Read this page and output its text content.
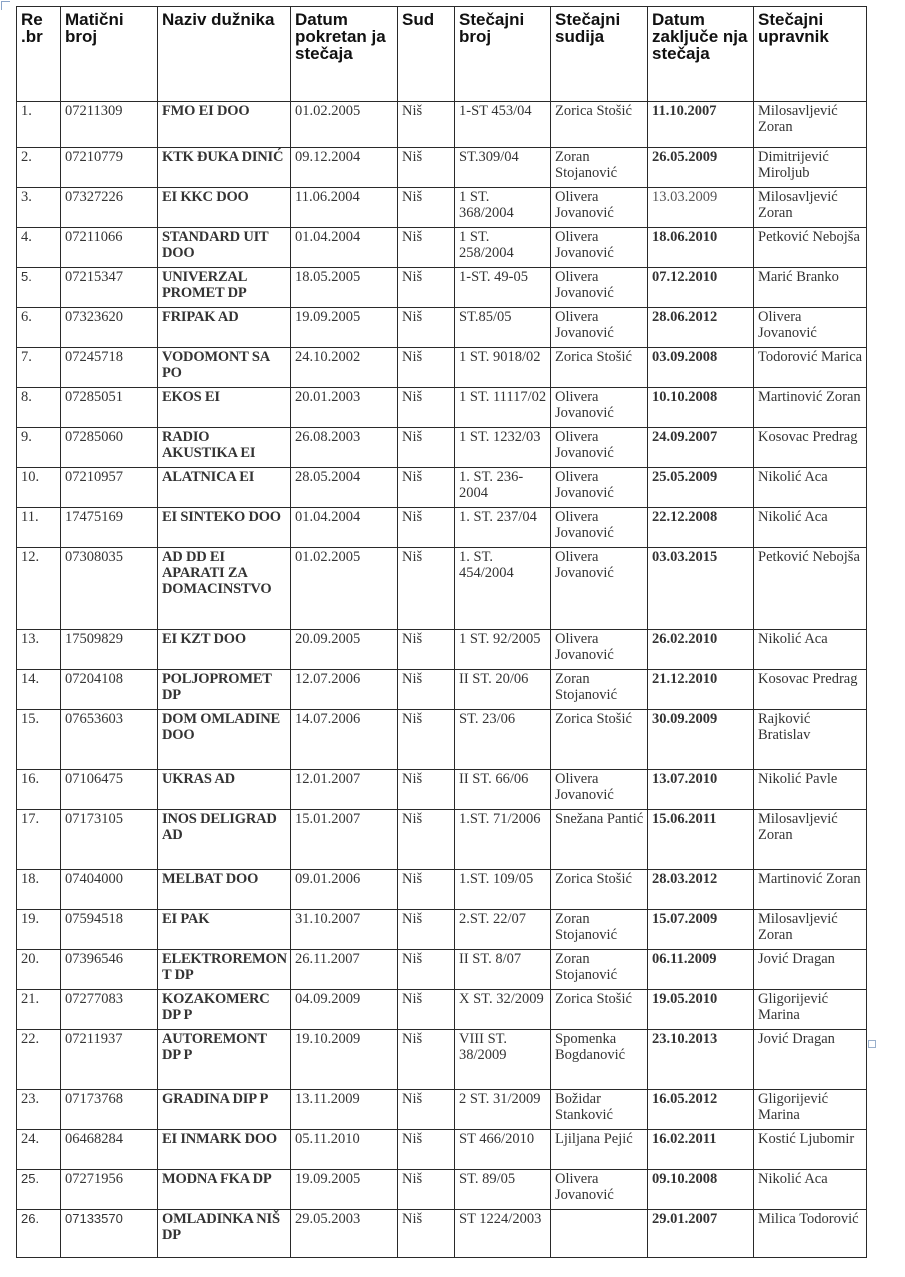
Re .br	Matični broj	Naziv dužnika	Datum pokretan ja stečaja	Sud	Stečajni broj	Stečajni sudija	Datum zaključe nja stečaja	Stečajni upravnik
1.	07211309	FMO EI DOO	01.02.2005	Niš	1-ST 453/04	Zorica Stošić	11.10.2007	Milosavljević Zoran
2.	07210779	KTK ĐUKA DINIĆ	09.12.2004	Niš	ST.309/04	Zoran Stojanović	26.05.2009	Dimitrijević Miroljub
3.	07327226	EI KKC DOO	11.06.2004	Niš	1 ST. 368/2004	Olivera Jovanović	13.03.2009	Milosavljević Zoran
4.	07211066	STANDARD UIT DOO	01.04.2004	Niš	1 ST. 258/2004	Olivera Jovanović	18.06.2010	Petković Nebojša
5.	07215347	UNIVERZAL PROMET DP	18.05.2005	Niš	1-ST. 49-05	Olivera Jovanović	07.12.2010	Marić Branko
6.	07323620	FRIPAK AD	19.09.2005	Niš	ST.85/05	Olivera Jovanović	28.06.2012	Olivera Jovanović
7.	07245718	VODOMONT SA PO	24.10.2002	Niš	1 ST. 9018/02	Zorica Stošić	03.09.2008	Todorović Marica
8.	07285051	EKOS EI	20.01.2003	Niš	1 ST. 11117/02	Olivera Jovanović	10.10.2008	Martinović Zoran
9.	07285060	RADIO AKUSTIKA EI	26.08.2003	Niš	1 ST. 1232/03	Olivera Jovanović	24.09.2007	Kosovac Predrag
10.	07210957	ALATNICA EI	28.05.2004	Niš	1. ST. 236-2004	Olivera Jovanović	25.05.2009	Nikolić Aca
11.	17475169	EI SINTEKO DOO	01.04.2004	Niš	1. ST. 237/04	Olivera Jovanović	22.12.2008	Nikolić Aca
12.	07308035	AD DD EI APARATI ZA DOMACINSTVO	01.02.2005	Niš	1. ST. 454/2004	Olivera Jovanović	03.03.2015	Petković Nebojša
13.	17509829	EI KZT DOO	20.09.2005	Niš	1 ST. 92/2005	Olivera Jovanović	26.02.2010	Nikolić Aca
14.	07204108	POLJOPROMET DP	12.07.2006	Niš	II ST. 20/06	Zoran Stojanović	21.12.2010	Kosovac Predrag
15.	07653603	DOM OMLADINE DOO	14.07.2006	Niš	ST. 23/06	Zorica Stošić	30.09.2009	Rajković Bratislav
16.	07106475	UKRAS AD	12.01.2007	Niš	II ST. 66/06	Olivera Jovanović	13.07.2010	Nikolić Pavle
17.	07173105	INOS DELIGRAD AD	15.01.2007	Niš	1.ST. 71/2006	Snežana Pantić	15.06.2011	Milosavljević Zoran
18.	07404000	MELBAT DOO	09.01.2006	Niš	1.ST. 109/05	Zorica Stošić	28.03.2012	Martinović Zoran
19.	07594518	EI PAK	31.10.2007	Niš	2.ST. 22/07	Zoran Stojanović	15.07.2009	Milosavljević Zoran
20.	07396546	ELEKTROREMONT DP	26.11.2007	Niš	II ST. 8/07	Zoran Stojanović	06.11.2009	Jović Dragan
21.	07277083	KOZAKOMERC DP P	04.09.2009	Niš	X ST. 32/2009	Zorica Stošić	19.05.2010	Gligorijević Marina
22.	07211937	AUTOREMONT DP P	19.10.2009	Niš	VIII ST. 38/2009	Spomenka Bogdanović	23.10.2013	Jović Dragan
23.	07173768	GRADINA DIP P	13.11.2009	Niš	2 ST. 31/2009	Božidar Stanković	16.05.2012	Gligorijević Marina
24.	06468284	EI INMARK DOO	05.11.2010	Niš	ST 466/2010	Ljiljana Pejić	16.02.2011	Kostić Ljubomir
25.	07271956	MODNA FKA DP	19.09.2005	Niš	ST. 89/05	Olivera Jovanović	09.10.2008	Nikolić Aca
26.	07133570	OMLADINKA NIŠ DP	29.05.2003	Niš	ST 1224/2003		29.01.2007	Milica Todorović
